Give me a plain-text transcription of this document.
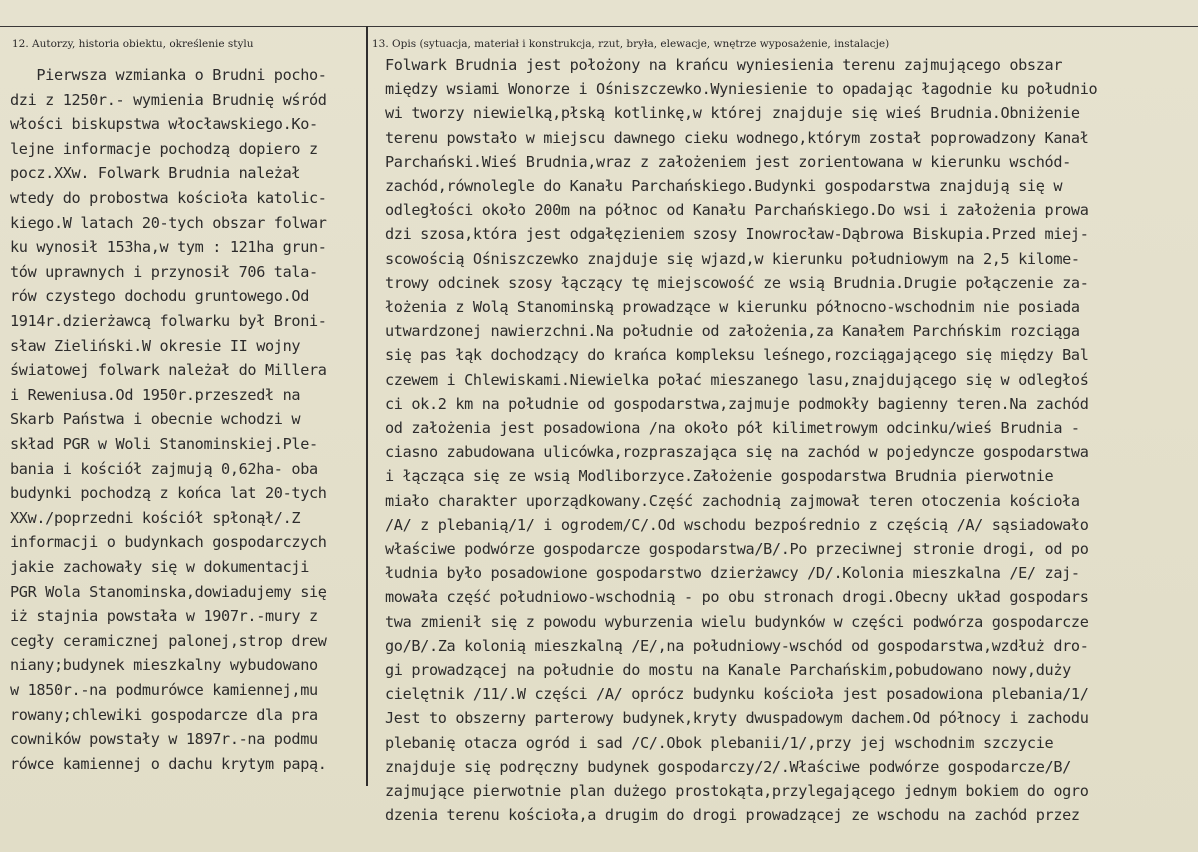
12. Autorzy, historia obiektu, określenie stylu	13. Opis (sytuacja, materiał i konstrukcja, rzut, bryła, elewacje, wnętrze wyposażenie, instalacje)
Pierwsza wzmianka o Brudni pocho-
dzi z 1250r.- wymienia Brudnię wśród
włości biskupstwa włocławskiego.Ko-
lejne informacje pochodzą dopiero z
pocz.XXw. Folwark Brudnia należał
wtedy do probostwa kościoła katolic-
kiego.W latach 20-tych obszar folwar
ku wynosił 153ha,w tym : 121ha grun-
tów uprawnych i przynosił 706 tala-
rów czystego dochodu gruntowego.Od
1914r.dzierżawcą folwarku był Broni-
sław Zieliński.W okresie II wojny
światowej folwark należał do Millera
i Reweniusa.Od 1950r.przeszedł na
Skarb Państwa i obecnie wchodzi w
skład PGR w Woli Stanominskiej.Ple-
bania i kościół zajmują 0,62ha- oba
budynki pochodzą z końca lat 20-tych
XXw./poprzedni kościół spłonął/.Z
informacji o budynkach gospodarczych
jakie zachowały się w dokumentacji
PGR Wola Stanominska,dowiadujemy się
iż stajnia powstała w 1907r.-mury z
cegły ceramicznej palonej,strop drew
niany;budynek mieszkalny wybudowano
w 1850r.-na podmurówce kamiennej,mu
rowany;chlewiki gospodarcze dla pra
cowników powstały w 1897r.-na podmu
rówce kamiennej o dachu krytym papą.
Folwark Brudnia jest położony na krańcu wyniesienia terenu zajmującego obszar
między wsiami Wonorze i Ośniszczewko.Wyniesienie to opadając łagodnie ku południo
wi tworzy niewielką,płską kotlinkę,w której znajduje się wieś Brudnia.Obniżenie
terenu powstało w miejscu dawnego cieku wodnego,którym został poprowadzony Kanał
Parchański.Wieś Brudnia,wraz z założeniem jest zorientowana w kierunku wschód-
zachód,równolegle do Kanału Parchańskiego.Budynki gospodarstwa znajdują się w
odległości około 200m na północ od Kanału Parchańskiego.Do wsi i założenia prowa
dzi szosa,która jest odgałęzieniem szosy Inowrocław-Dąbrowa Biskupia.Przed miej-
scowością Ośniszczewko znajduje się wjazd,w kierunku południowym na 2,5 kilome-
trowy odcinek szosy łączący tę miejscowość ze wsią Brudnia.Drugie połączenie za-
łożenia z Wolą Stanominską prowadzące w kierunku północno-wschodnim nie posiada
utwardzonej nawierzchni.Na południe od założenia,za Kanałem Parchńskim rozciąga
się pas łąk dochodzący do krańca kompleksu leśnego,rozciągającego się między Bal
czewem i Chlewiskami.Niewielka połać mieszanego lasu,znajdującego się w odległoś
ci ok.2 km na południe od gospodarstwa,zajmuje podmokły bagienny teren.Na zachód
od założenia jest posadowiona /na około pół kilimetrowym odcinku/wieś Brudnia -
ciasno zabudowana ulicówka,rozpraszająca się na zachód w pojedyncze gospodarstwa
i łącząca się ze wsią Modliborzyce.Założenie gospodarstwa Brudnia pierwotnie
miało charakter uporządkowany.Część zachodnią zajmował teren otoczenia kościoła
/A/ z plebanią/1/ i ogrodem/C/.Od wschodu bezpośrednio z częścią /A/ sąsiadowało
właściwe podwórze gospodarcze gospodarstwa/B/.Po przeciwnej stronie drogi, od po
łudnia było posadowione gospodarstwo dzierżawcy /D/.Kolonia mieszkalna /E/ zaj-
mowała część południowo-wschodnią - po obu stronach drogi.Obecny układ gospodars
twa zmienił się z powodu wyburzenia wielu budynków w części podwórza gospodarcze
go/B/.Za kolonią mieszkalną /E/,na południowy-wschód od gospodarstwa,wzdłuż dro-
gi prowadzącej na południe do mostu na Kanale Parchańskim,pobudowano nowy,duży
cielętnik /11/.W części /A/ oprócz budynku kościoła jest posadowiona plebania/1/
Jest to obszerny parterowy budynek,kryty dwuspadowym dachem.Od północy i zachodu
plebanię otacza ogród i sad /C/.Obok plebanii/1/,przy jej wschodnim szczycie
znajduje się podręczny budynek gospodarczy/2/.Właściwe podwórze gospodarcze/B/
zajmujące pierwotnie plan dużego prostokąta,przylegającego jednym bokiem do ogro
dzenia terenu kościoła,a drugim do drogi prowadzącej ze wschodu na zachód przez
